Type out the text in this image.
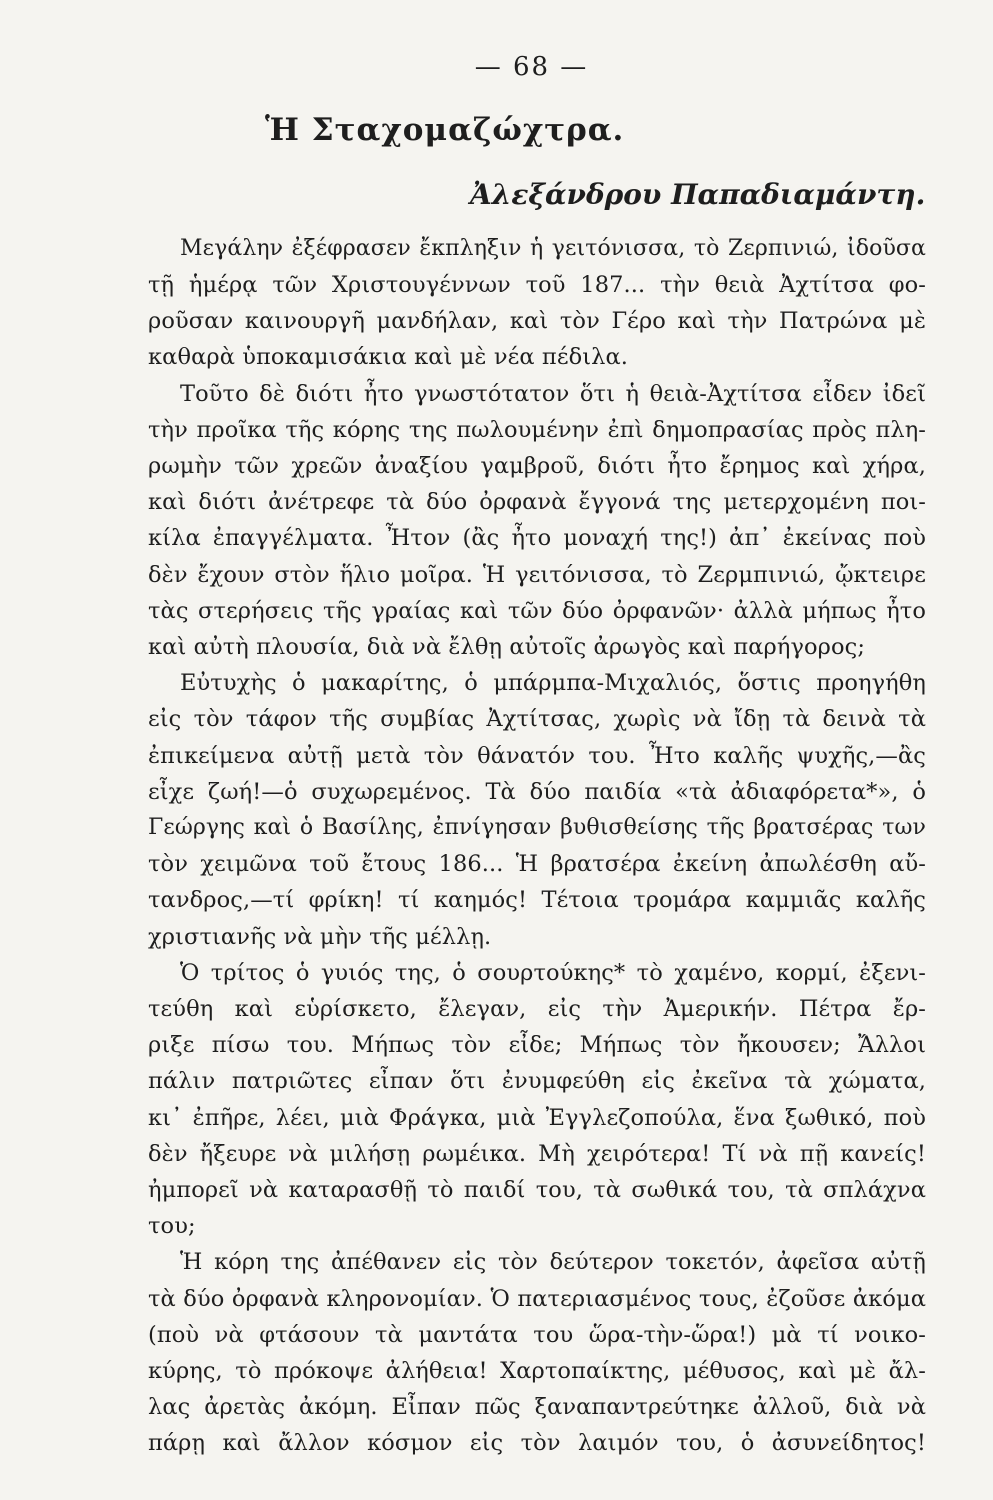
— 68 —
Ἡ Σταχομαζώχτρα.
Ἀλεξάνδρου Παπαδιαμάντη.
Μεγάλην ἐξέφρασεν ἔκπληξιν ἡ γειτόνισσα, τὸ Ζερπινιώ, ἰδοῦσα
τῇ ἡμέρᾳ τῶν Χριστουγέννων τοῦ 187... τὴν θειὰ Ἀχτίτσα φο-
ροῦσαν καινουργῆ μανδήλαν, καὶ τὸν Γέρο καὶ τὴν Πατρώνα μὲ
καθαρὰ ὑποκαμισάκια καὶ μὲ νέα πέδιλα.
Τοῦτο δὲ διότι ἦτο γνωστότατον ὅτι ἡ θειὰ-Ἀχτίτσα εἶδεν ἰδεῖ
τὴν προῖκα τῆς κόρης της πωλουμένην ἐπὶ δημοπρασίας πρὸς πλη-
ρωμὴν τῶν χρεῶν ἀναξίου γαμβροῦ, διότι ἦτο ἔρημος καὶ χήρα,
καὶ διότι ἀνέτρεφε τὰ δύο ὀρφανὰ ἔγγονά της μετερχομένη ποι-
κίλα ἐπαγγέλματα. Ἦτον (ἂς ἦτο μοναχή της!) ἀπ᾿ ἐκείνας ποὺ
δὲν ἔχουν στὸν ἥλιο μοῖρα. Ἡ γειτόνισσα, τὸ Ζερμπινιώ, ᾤκτειρε
τὰς στερήσεις τῆς γραίας καὶ τῶν δύο ὀρφανῶν· ἀλλὰ μήπως ἦτο
καὶ αὐτὴ πλουσία, διὰ νὰ ἔλθῃ αὐτοῖς ἀρωγὸς καὶ παρήγορος;
Εὐτυχὴς ὁ μακαρίτης, ὁ μπάρμπα-Μιχαλιός, ὅστις προηγήθη
εἰς τὸν τάφον τῆς συμβίας Ἀχτίτσας, χωρὶς νὰ ἴδῃ τὰ δεινὰ τὰ
ἐπικείμενα αὐτῇ μετὰ τὸν θάνατόν του. Ἦτο καλῆς ψυχῆς,—ἂς
εἶχε ζωή!—ὁ συχωρεμένος. Τὰ δύο παιδία «τὰ ἀδιαφόρετα*», ὁ
Γεώργης καὶ ὁ Βασίλης, ἐπνίγησαν βυθισθείσης τῆς βρατσέρας των
τὸν χειμῶνα τοῦ ἔτους 186... Ἡ βρατσέρα ἐκείνη ἀπωλέσθη αὔ-
τανδρος,—τί φρίκη! τί καημός! Τέτοια τρομάρα καμμιᾶς καλῆς
χριστιανῆς νὰ μὴν τῆς μέλλῃ.
Ὁ τρίτος ὁ γυιός της, ὁ σουρτούκης* τὸ χαμένο, κορμί, ἐξενι-
τεύθη καὶ εὑρίσκετο, ἔλεγαν, εἰς τὴν Ἀμερικήν. Πέτρα ἔρ-
ριξε πίσω του. Μήπως τὸν εἶδε; Μήπως τὸν ἤκουσεν; Ἄλλοι
πάλιν πατριῶτες εἶπαν ὅτι ἐνυμφεύθη εἰς ἐκεῖνα τὰ χώματα,
κι᾿ ἐπῆρε, λέει, μιὰ Φράγκα, μιὰ Ἐγγλεζοπούλα, ἕνα ξωθικό, ποὺ
δὲν ἤξευρε νὰ μιλήσῃ ρωμέικα. Μὴ χειρότερα! Τί νὰ πῇ κανείς!
ἠμπορεῖ νὰ καταρασθῇ τὸ παιδί του, τὰ σωθικά του, τὰ σπλάχνα
του;
Ἡ κόρη της ἀπέθανεν εἰς τὸν δεύτερον τοκετόν, ἀφεῖσα αὐτῇ
τὰ δύο ὀρφανὰ κληρονομίαν. Ὁ πατεριασμένος τους, ἐζοῦσε ἀκόμα
(ποὺ νὰ φτάσουν τὰ μαντάτα του ὥρα-τὴν-ὥρα!) μὰ τί νοικο-
κύρης, τὸ πρόκοψε ἀλήθεια! Χαρτοπαίκτης, μέθυσος, καὶ μὲ ἄλ-
λας ἀρετὰς ἀκόμη. Εἶπαν πῶς ξαναπαντρεύτηκε ἀλλοῦ, διὰ νὰ
πάρῃ καὶ ἄλλον κόσμον εἰς τὸν λαιμόν του, ὁ ἀσυνείδητος!
